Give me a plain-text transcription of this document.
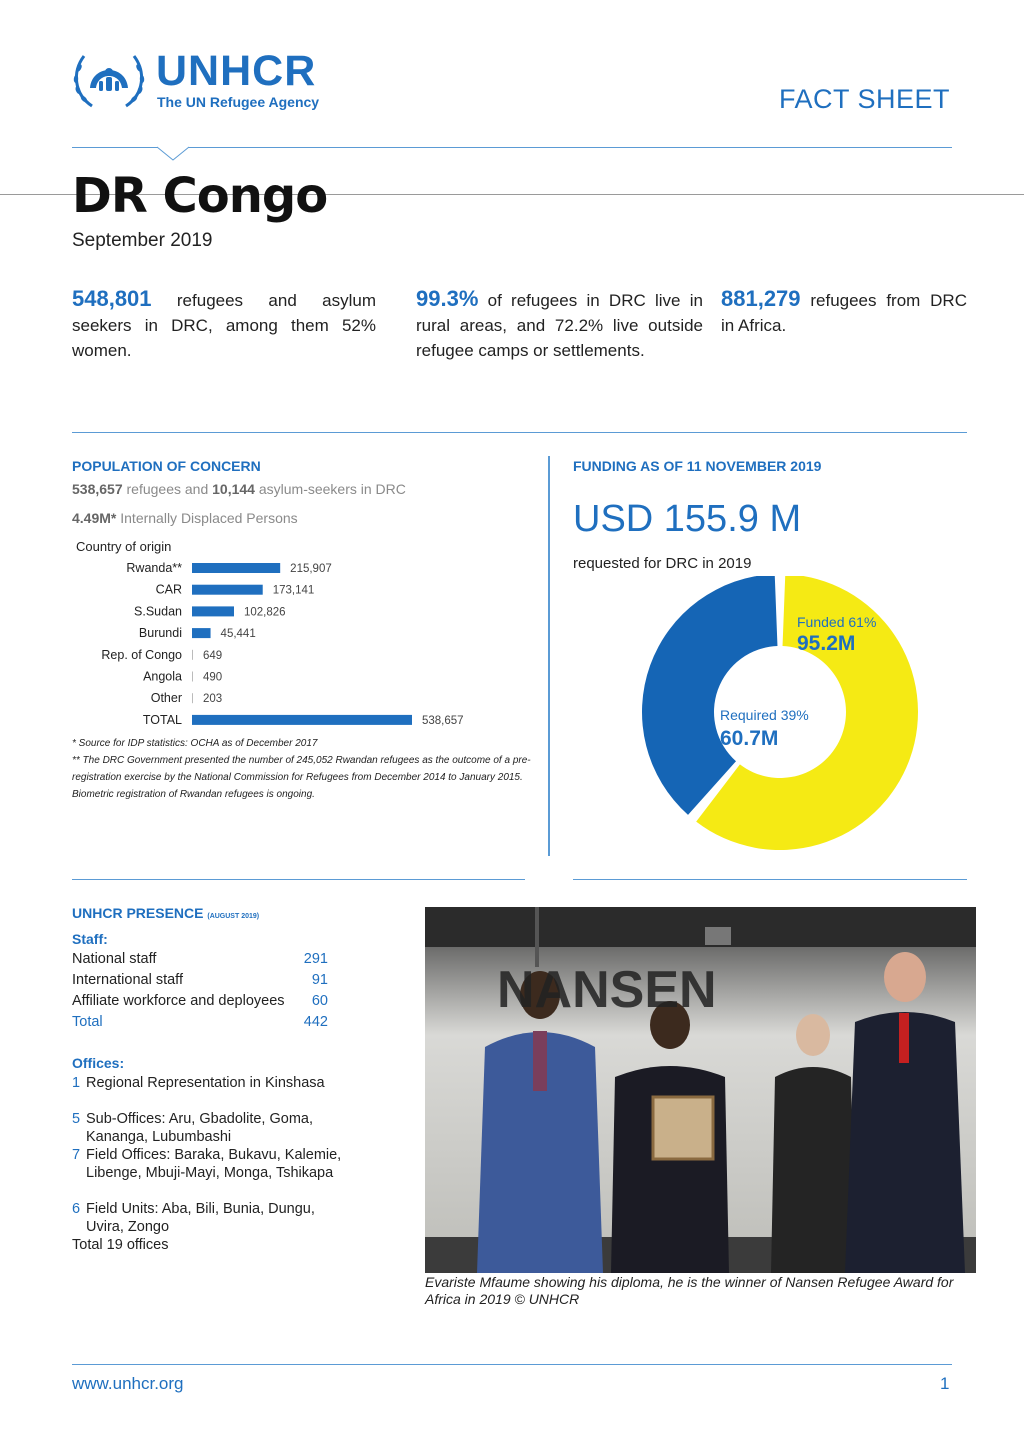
UNHCR
The UN Refugee Agency	FACT SHEET
DR Congo
September 2019
548,801 refugees and asylum seekers in DRC, among them 52% women.
99.3% of refugees in DRC live in rural areas, and 72.2% live outside refugee camps or settlements.
881,279 refugees from DRC in Africa.
POPULATION OF CONCERN
538,657 refugees and 10,144 asylum-seekers in DRC
4.49M* Internally Displaced Persons
Country of origin
Rwanda**	215,907
CAR	173,141
S.Sudan	102,826
Burundi	45,441
Rep. of Congo 649
Angola 490
Other 203
TOTAL	538,657
* Source for IDP statistics: OCHA as of December 2017
** The DRC Government presented the number of 245,052 Rwandan refugees as the outcome of a pre-registration exercise by the National Commission for Refugees from December 2014 to January 2015. Biometric registration of Rwandan refugees is ongoing.
FUNDING AS OF 11 NOVEMBER 2019
USD 155.9 M
requested for DRC in 2019
Funded 61%
95.2M
Required 39%
60.7M
UNHCR PRESENCE (AUGUST 2019)
Staff:
National staff	291
International staff	91
Affiliate workforce and deployees 60
Total	442
Offices:
1 Regional Representation in Kinshasa
5 Sub-Offices: Aru, Gbadolite, Goma, Kananga, Lubumbashi
7 Field Offices: Baraka, Bukavu, Kalemie, Libenge, Mbuji-Mayi, Monga, Tshikapa
6 Field Units: Aba, Bili, Bunia, Dungu, Uvira, Zongo
Total 19 offices
NANSEN
Evariste Mfaume showing his diploma, he is the winner of Nansen Refugee Award for Africa in 2019 © UNHCR
www.unhcr.org	1
